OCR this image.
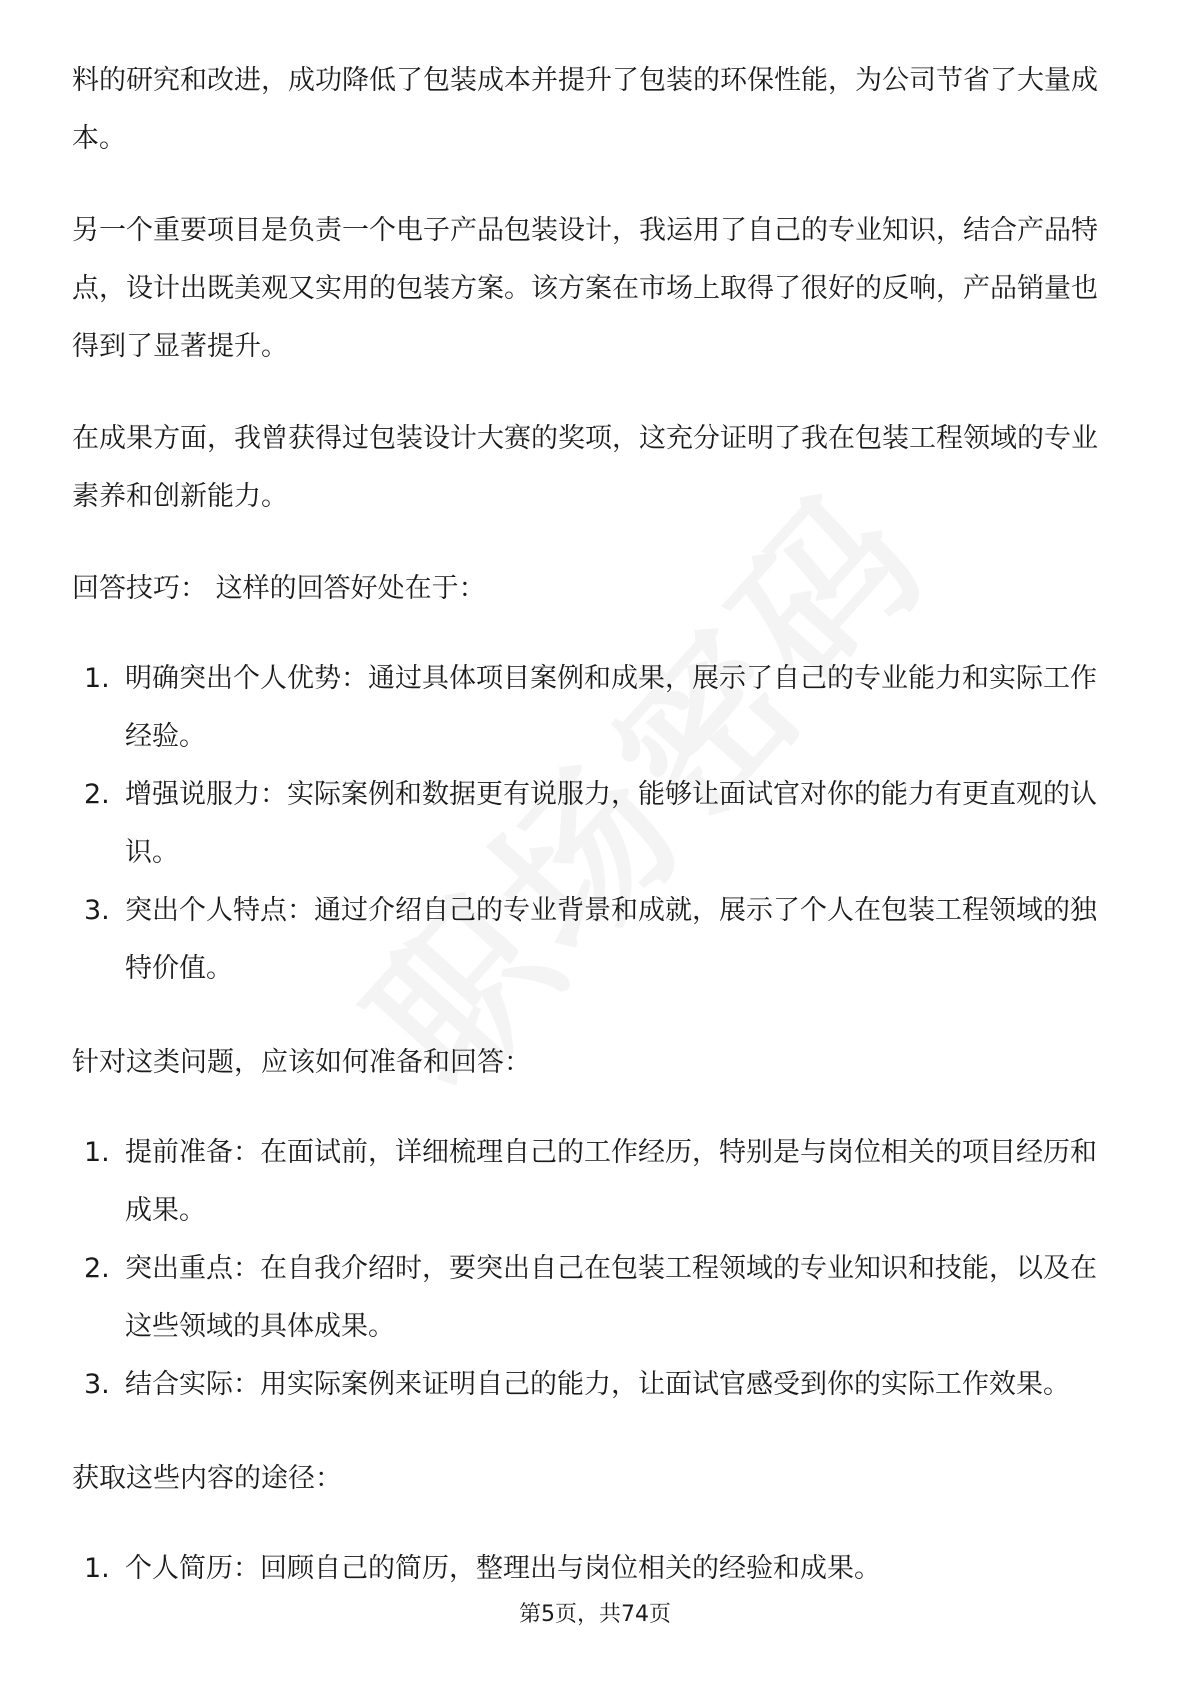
料的研究和改进，成功降低了包装成本并提升了包装的环保性能，为公司节省了大量成本。

另一个重要项目是负责一个电子产品包装设计，我运用了自己的专业知识，结合产品特点，设计出既美观又实用的包装方案。该方案在市场上取得了很好的反响，产品销量也得到了显著提升。

在成果方面，我曾获得过包装设计大赛的奖项，这充分证明了我在包装工程领域的专业素养和创新能力。

回答技巧： 这样的回答好处在于：

1. 明确突出个人优势：通过具体项目案例和成果，展示了自己的专业能力和实际工作经验。
2. 增强说服力：实际案例和数据更有说服力，能够让面试官对你的能力有更直观的认识。
3. 突出个人特点：通过介绍自己的专业背景和成就，展示了个人在包装工程领域的独特价值。

针对这类问题，应该如何准备和回答：

1. 提前准备：在面试前，详细梳理自己的工作经历，特别是与岗位相关的项目经历和成果。
2. 突出重点：在自我介绍时，要突出自己在包装工程领域的专业知识和技能，以及在这些领域的具体成果。
3. 结合实际：用实际案例来证明自己的能力，让面试官感受到你的实际工作效果。

获取这些内容的途径：

1. 个人简历：回顾自己的简历，整理出与岗位相关的经验和成果。
第5页，共74页
